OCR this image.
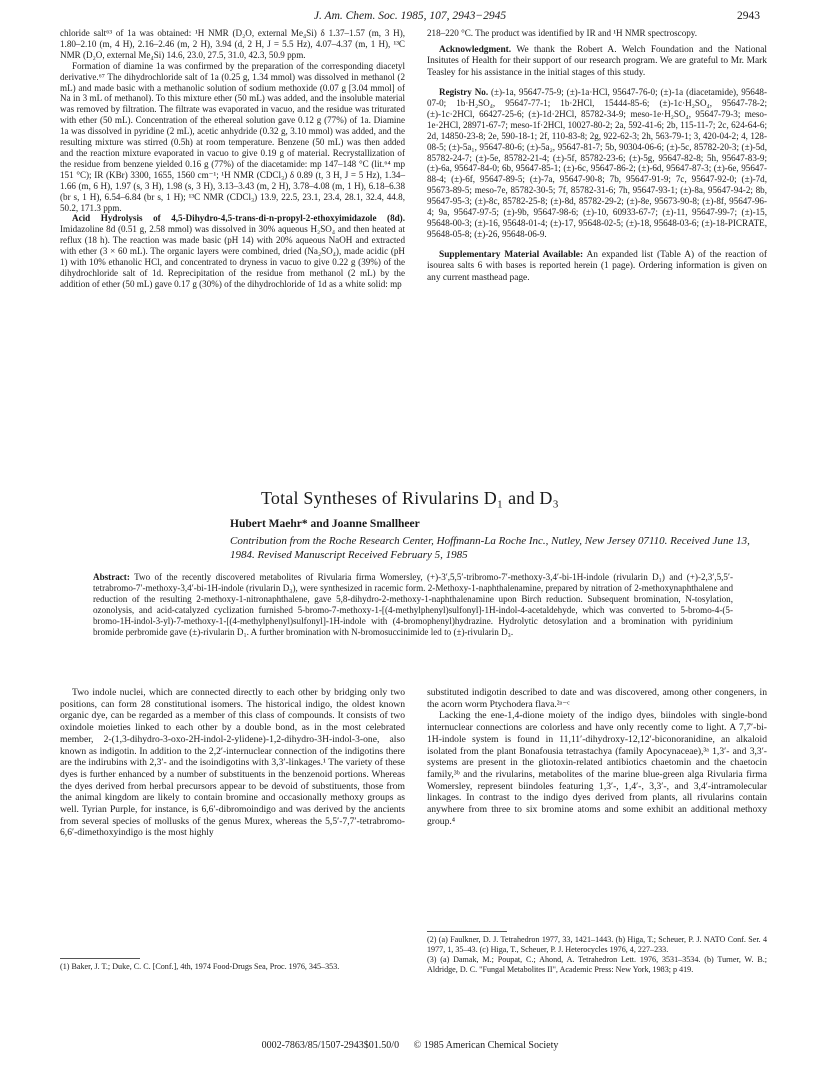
J. Am. Chem. Soc. 1985, 107, 2943−2945	2943

chloride salt⁶³ of 1a was obtained: ¹H NMR (D₂O, external Me₄Si) δ 1.37–1.57 (m, 3 H), 1.80–2.10 (m, 4 H), 2.16–2.46 (m, 2 H), 3.94 (d, 2 H, J = 5.5 Hz), 4.07–4.37 (m, 1 H), ¹³C NMR (D₂O, external Me₄Si) 14.6, 23.0, 27.5, 31.0, 42.3, 50.9 ppm.

Formation of diamine 1a was confirmed by the preparation of the corresponding diacetyl derivative.⁶⁷ The dihydrochloride salt of 1a (0.25 g, 1.34 mmol) was dissolved in methanol (2 mL) and made basic with a methanolic solution of sodium methoxide (0.07 g [3.04 mmol] of Na in 3 mL of methanol). To this mixture ether (50 mL) was added, and the insoluble material was removed by filtration. The filtrate was evaporated in vacuo, and the residue was triturated with ether (50 mL). Concentration of the ethereal solution gave 0.12 g (77%) of 1a. Diamine 1a was dissolved in pyridine (2 mL), acetic anhydride (0.32 g, 3.10 mmol) was added, and the resulting mixture was stirred (0.5h) at room temperature. Benzene (50 mL) was then added and the reaction mixture evaporated in vacuo to give 0.19 g of material. Recrystallization of the residue from benzene yielded 0.16 g (77%) of the diacetamide: mp 147–148 °C (lit.⁶⁴ mp 151 °C); IR (KBr) 3300, 1655, 1560 cm⁻¹; ¹H NMR (CDCl₃) δ 0.89 (t, 3 H, J = 5 Hz), 1.34–1.66 (m, 6 H), 1.97 (s, 3 H), 1.98 (s, 3 H), 3.13–3.43 (m, 2 H), 3.78–4.08 (m, 1 H), 6.18–6.38 (br s, 1 H), 6.54–6.84 (br s, 1 H); ¹³C NMR (CDCl₃) 13.9, 22.5, 23.1, 23.4, 28.1, 32.4, 44.8, 50.2, 171.3 ppm.

Acid Hydrolysis of 4,5-Dihydro-4,5-trans-di-n-propyl-2-ethoxyimidazole (8d). Imidazoline 8d (0.51 g, 2.58 mmol) was dissolved in 30% aqueous H₂SO₄ and then heated at reflux (18 h). The reaction was made basic (pH 14) with 20% aqueous NaOH and extracted with ether (3 × 60 mL). The organic layers were combined, dried (Na₂SO₄), made acidic (pH 1) with 10% ethanolic HCl, and concentrated to dryness in vacuo to give 0.22 g (39%) of the dihydrochloride salt of 1d. Reprecipitation of the residue from methanol (2 mL) by the addition of ether (50 mL) gave 0.17 g (30%) of the dihydrochloride of 1d as a white solid: mp

218–220 °C. The product was identified by IR and ¹H NMR spectroscopy.

Acknowledgment. We thank the Robert A. Welch Foundation and the National Insitutes of Health for their support of our research program. We are grateful to Mr. Mark Teasley for his assistance in the initial stages of this study.

Registry No. (±)-1a, 95647-75-9; (±)-1a·HCl, 95647-76-0; (±)-1a (diacetamide), 95648-07-0; 1b·H₂SO₄, 95647-77-1; 1b·2HCl, 15444-85-6; (±)-1c·H₂SO₄, 95647-78-2; (±)-1c·2HCl, 66427-25-6; (±)-1d·2HCl, 85782-34-9; meso-1e·H₂SO₄, 95647-79-3; meso-1e·2HCl, 28971-67-7; meso-1f·2HCl, 10027-80-2; 2a, 592-41-6; 2b, 115-11-7; 2c, 624-64-6; 2d, 14850-23-8; 2e, 590-18-1; 2f, 110-83-8; 2g, 922-62-3; 2h, 563-79-1; 3, 420-04-2; 4, 128-08-5; (±)-5a₁, 95647-80-6; (±)-5a₂, 95647-81-7; 5b, 90304-06-6; (±)-5c, 85782-20-3; (±)-5d, 85782-24-7; (±)-5e, 85782-21-4; (±)-5f, 85782-23-6; (±)-5g, 95647-82-8; 5h, 95647-83-9; (±)-6a, 95647-84-0; 6b, 95647-85-1; (±)-6c, 95647-86-2; (±)-6d, 95647-87-3; (±)-6e, 95647-88-4; (±)-6f, 95647-89-5; (±)-7a, 95647-90-8; 7b, 95647-91-9; 7c, 95647-92-0; (±)-7d, 95673-89-5; meso-7e, 85782-30-5; 7f, 85782-31-6; 7h, 95647-93-1; (±)-8a, 95647-94-2; 8b, 95647-95-3; (±)-8c, 85782-25-8; (±)-8d, 85782-29-2; (±)-8e, 95673-90-8; (±)-8f, 95647-96-4; 9a, 95647-97-5; (±)-9b, 95647-98-6; (±)-10, 60933-67-7; (±)-11, 95647-99-7; (±)-15, 95648-00-3; (±)-16, 95648-01-4; (±)-17, 95648-02-5; (±)-18, 95648-03-6; (±)-18-PICRATE, 95648-05-8; (±)-26, 95648-06-9.

Supplementary Material Available: An expanded list (Table A) of the reaction of isourea salts 6 with bases is reported herein (1 page). Ordering information is given on any current masthead page.

Total Syntheses of Rivularins D₁ and D₃
Hubert Maehr* and Joanne Smallheer
Contribution from the Roche Research Center, Hoffmann-La Roche Inc., Nutley, New Jersey 07110. Received June 13, 1984. Revised Manuscript Received February 5, 1985
Abstract: Two of the recently discovered metabolites of Rivularia firma Womersley, (+)-3′,5,5′-tribromo-7′-methoxy-3,4′-bi-1H-indole (rivularin D₁) and (+)-2,3′,5,5′-tetrabromo-7′-methoxy-3,4′-bi-1H-indole (rivularin D₃), were synthesized in racemic form. 2-Methoxy-1-naphthalenamine, prepared by nitration of 2-methoxynaphthalene and reduction of the resulting 2-methoxy-1-nitronaphthalene, gave 5,8-dihydro-2-methoxy-1-naphthalenamine upon Birch reduction. Subsequent bromination, N-tosylation, ozonolysis, and acid-catalyzed cyclization furnished 5-bromo-7-methoxy-1-[(4-methylphenyl)sulfonyl]-1H-indol-4-acetaldehyde, which was converted to 5-bromo-4-(5-bromo-1H-indol-3-yl)-7-methoxy-1-[(4-methylphenyl)sulfonyl]-1H-indole with (4-bromophenyl)hydrazine. Hydrolytic detosylation and a bromination with pyridinium bromide perbromide gave (±)-rivularin D₁. A further bromination with N-bromosuccinimide led to (±)-rivularin D₃.

Two indole nuclei, which are connected directly to each other by bridging only two positions, can form 28 constitutional isomers. The historical indigo, the oldest known organic dye, can be regarded as a member of this class of compounds. It consists of two oxindole moieties linked to each other by a double bond, as in the most celebrated member, 2-(1,3-dihydro-3-oxo-2H-indol-2-ylidene)-1,2-dihydro-3H-indol-3-one, also known as indigotin. In addition to the 2,2′-internuclear connection of the indigotins there are the indirubins with 2,3′- and the isoindigotins with 3,3′-linkages.¹ The variety of these dyes is further enhanced by a number of substituents in the benzenoid portions. Whereas the dyes derived from herbal precursors appear to be devoid of substituents, those from the animal kingdom are likely to contain bromine and occasionally methoxy groups as well. Tyrian Purple, for instance, is 6,6′-dibromoindigo and was derived by the ancients from several species of mollusks of the genus Murex, whereas the 5,5′-7,7′-tetrabromo-6,6′-dimethoxyindigo is the most highly

substituted indigotin described to date and was discovered, among other congeners, in the acorn worm Ptychodera flava.²ᵃ⁻ᶜ

Lacking the ene-1,4-dione moiety of the indigo dyes, biindoles with single-bond internuclear connections are colorless and have only recently come to light. A 7,7′-bi-1H-indole system is found in 11,11′-dihydroxy-12,12′-biconoranidine, an alkaloid isolated from the plant Bonafousia tetrastachya (family Apocynaceae),³ᵃ 1,3′- and 3,3′-systems are present in the gliotoxin-related antibiotics chaetomin and the chaetocin family,³ᵇ and the rivularins, metabolites of the marine blue-green alga Rivularia firma Womersley, represent biindoles featuring 1,3′-, 1,4′-, 3,3′-, and 3,4′-intramolecular linkages. In contrast to the indigo dyes derived from plants, all rivularins contain anywhere from three to six bromine atoms and some exhibit an additional methoxy group.⁴

(1) Baker, J. T.; Duke, C. C. [Conf.], 4th, 1974 Food-Drugs Sea, Proc. 1976, 345–353.
(2) (a) Faulkner, D. J. Tetrahedron 1977, 33, 1421–1443. (b) Higa, T.; Scheuer, P. J. NATO Conf. Ser. 4 1977, 1, 35–43. (c) Higa, T., Scheuer, P. J. Heterocycles 1976, 4, 227–233.
(3) (a) Damak, M.; Poupat, C.; Ahond, A. Tetrahedron Lett. 1976, 3531–3534. (b) Turner, W. B.; Aldridge, D. C. "Fungal Metabolites II", Academic Press: New York, 1983; p 419.
0002-7863/85/1507-2943$01.50/0 © 1985 American Chemical Society
